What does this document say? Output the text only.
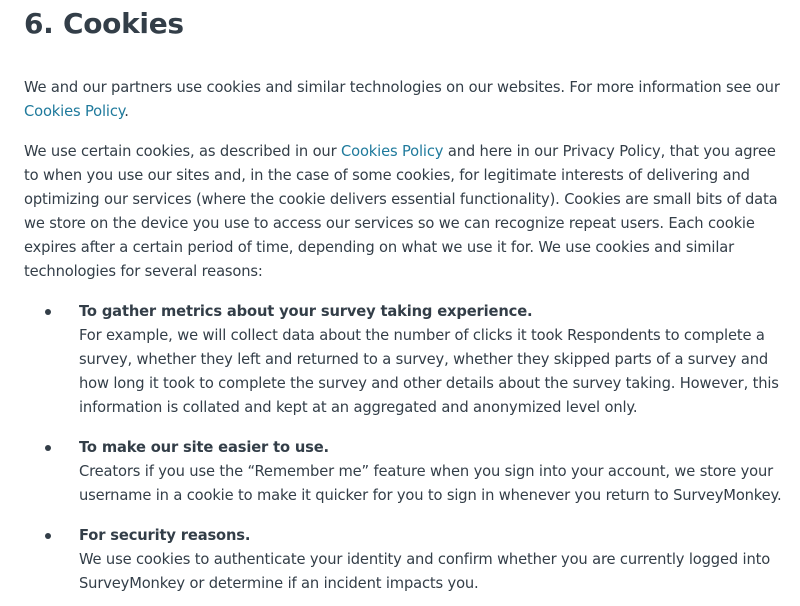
6. Cookies

We and our partners use cookies and similar technologies on our websites. For more information see our Cookies Policy.

We use certain cookies, as described in our Cookies Policy and here in our Privacy Policy, that you agree to when you use our sites and, in the case of some cookies, for legitimate interests of delivering and optimizing our services (where the cookie delivers essential functionality). Cookies are small bits of data we store on the device you use to access our services so we can recognize repeat users. Each cookie expires after a certain period of time, depending on what we use it for. We use cookies and similar technologies for several reasons:

To gather metrics about your survey taking experience.
For example, we will collect data about the number of clicks it took Respondents to complete a survey, whether they left and returned to a survey, whether they skipped parts of a survey and how long it took to complete the survey and other details about the survey taking. However, this information is collated and kept at an aggregated and anonymized level only.
To make our site easier to use.
Creators if you use the “Remember me” feature when you sign into your account, we store your username in a cookie to make it quicker for you to sign in whenever you return to SurveyMonkey.
For security reasons.
We use cookies to authenticate your identity and confirm whether you are currently logged into SurveyMonkey or determine if an incident impacts you.
